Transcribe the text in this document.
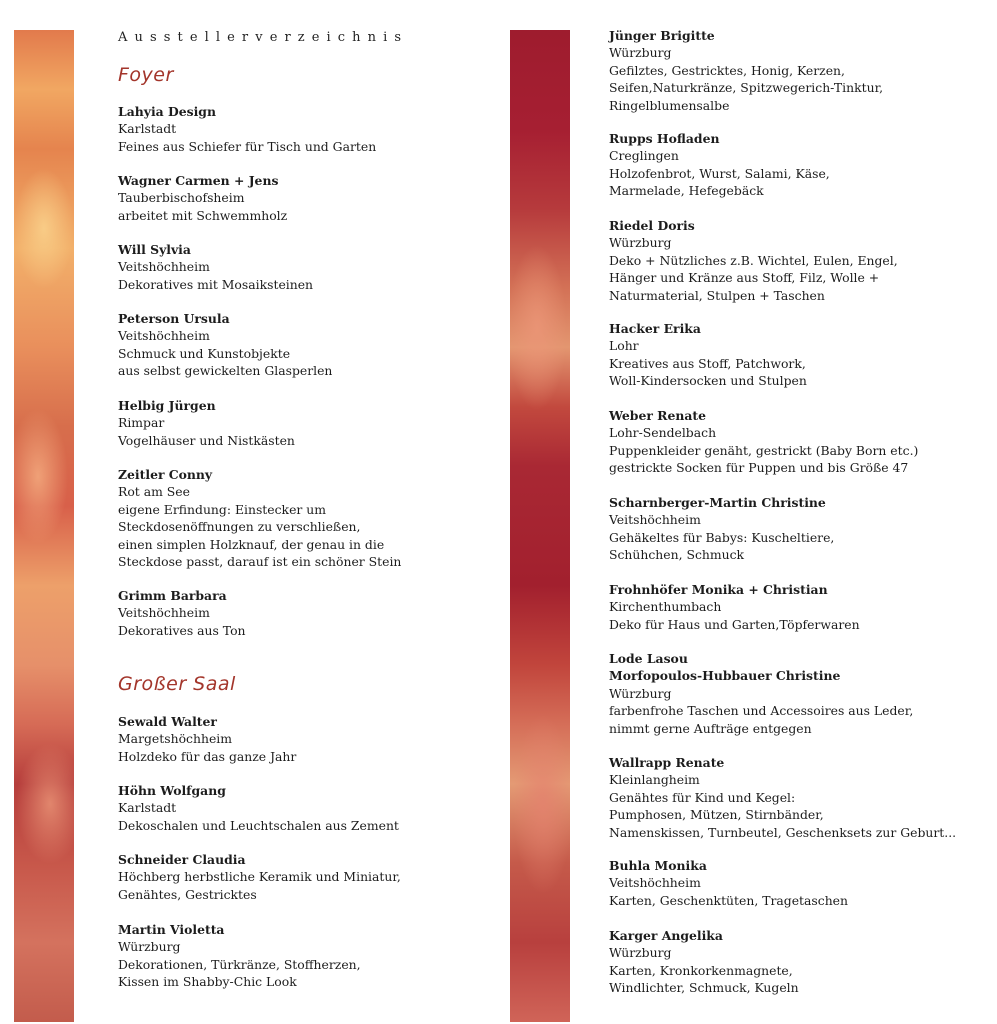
Ausstellerverzeichnis
Foyer
Lahyia Design
Karlstadt
Feines aus Schiefer für Tisch und Garten
Wagner Carmen + Jens
Tauberbischofsheim
arbeitet mit Schwemmholz
Will Sylvia
Veitshöchheim
Dekoratives mit Mosaiksteinen
Peterson Ursula
Veitshöchheim
Schmuck und Kunstobjekte
aus selbst gewickelten Glasperlen
Helbig Jürgen
Rimpar
Vogelhäuser und Nistkästen
Zeitler Conny
Rot am See
eigene Erfindung: Einstecker um
Steckdosenöffnungen zu verschließen,
einen simplen Holzknauf, der genau in die
Steckdose passt, darauf ist ein schöner Stein
Grimm Barbara
Veitshöchheim
Dekoratives aus Ton
Großer Saal
Sewald Walter
Margetshöchheim
Holzdeko für das ganze Jahr
Höhn Wolfgang
Karlstadt
Dekoschalen und Leuchtschalen aus Zement
Schneider Claudia
Höchberg herbstliche Keramik und Miniatur,
Genähtes, Gestricktes
Martin Violetta
Würzburg
Dekorationen, Türkränze, Stoffherzen,
Kissen im Shabby-Chic Look
Jünger Brigitte
Würzburg
Gefilztes, Gestricktes, Honig, Kerzen,
Seifen,Naturkränze, Spitzwegerich-Tinktur,
Ringelblumensalbe
Rupps Hofladen
Creglingen
Holzofenbrot, Wurst, Salami, Käse,
Marmelade, Hefegebäck
Riedel Doris
Würzburg
Deko + Nützliches z.B. Wichtel, Eulen, Engel,
Hänger und Kränze aus Stoff, Filz, Wolle +
Naturmaterial, Stulpen + Taschen
Hacker Erika
Lohr
Kreatives aus Stoff, Patchwork,
Woll-Kindersocken und Stulpen
Weber Renate
Lohr-Sendelbach
Puppenkleider genäht, gestrickt (Baby Born etc.)
gestrickte Socken für Puppen und bis Größe 47
Scharnberger-Martin Christine
Veitshöchheim
Gehäkeltes für Babys: Kuscheltiere,
Schühchen, Schmuck
Frohnhöfer Monika + Christian
Kirchenthumbach
Deko für Haus und Garten,Töpferwaren
Lode Lasou
Morfopoulos-Hubbauer Christine
Würzburg
farbenfrohe Taschen und Accessoires aus Leder,
nimmt gerne Aufträge entgegen
Wallrapp Renate
Kleinlangheim
Genähtes für Kind und Kegel:
Pumphosen, Mützen, Stirnbänder,
Namenskissen, Turnbeutel, Geschenksets zur Geburt...
Buhla Monika
Veitshöchheim
Karten, Geschenktüten, Tragetaschen
Karger Angelika
Würzburg
Karten, Kronkorkenmagnete,
Windlichter, Schmuck, Kugeln
